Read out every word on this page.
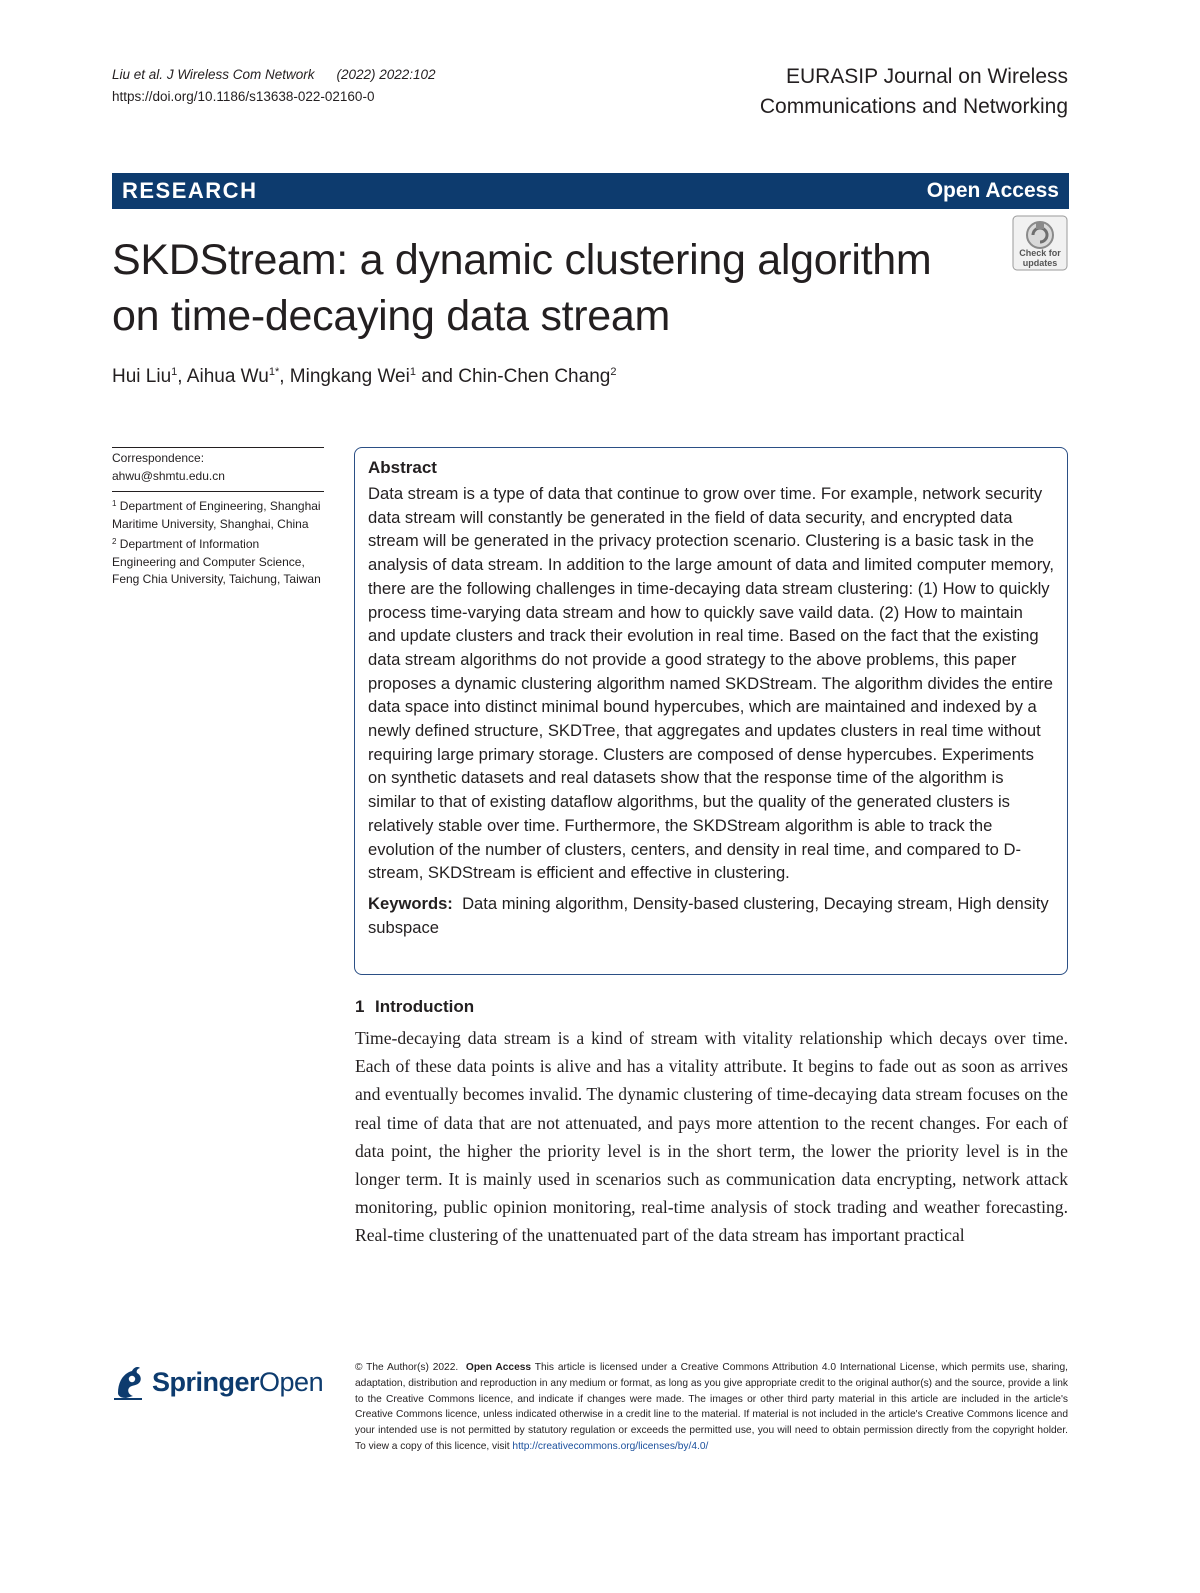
Liu et al. J Wireless Com Network (2022) 2022:102
https://doi.org/10.1186/s13638-022-02160-0
EURASIP Journal on Wireless
Communications and Networking
RESEARCH	Open Access
SKDStream: a dynamic clustering algorithm
on time-decaying data stream
Check for
updates
Hui Liu$^1$, Aihua $Wu^{1*}$, Mingkang Wei$^1$ and Chin-Chen Chang$^2$
Correspondence:
ahwu@shmtu.edu.cn
$^1$ Department of Engineering, Shanghai Maritime University, Shanghai, China
$^2$ Department of Information Engineering and Computer Science, Feng Chia University, Taichung, Taiwan
Abstract

Data stream is a type of data that continue to grow over time. For example, network security data stream will constantly be generated in the field of data security, and encrypted data stream will be generated in the privacy protection scenario. Clustering is a basic task in the analysis of data stream. In addition to the large amount of data and limited computer memory, there are the following challenges in time-decaying data stream clustering: (1) How to quickly process time-varying data stream and how to quickly save vaild data. (2) How to maintain and update clusters and track their evolution in real time. Based on the fact that the existing data stream algorithms do not provide a good strategy to the above problems, this paper proposes a dynamic clustering algorithm named SKDStream. The algorithm divides the entire data space into distinct minimal bound hypercubes, which are maintained and indexed by a newly defined structure, SKDTree, that aggregates and updates clusters in real time without requiring large primary storage. Clusters are composed of dense hypercubes. Experiments on synthetic datasets and real datasets show that the response time of the algorithm is similar to that of existing dataflow algorithms, but the quality of the generated clusters is relatively stable over time. Furthermore, the SKDStream algorithm is able to track the evolution of the number of clusters, centers, and density in real time, and compared to D-stream, SKDStream is efficient and effective in clustering.

Keywords: Data mining algorithm, Density-based clustering, Decaying stream, High density subspace

1 Introduction
Time-decaying data stream is a kind of stream with vitality relationship which decays over time. Each of these data points is alive and has a vitality attribute. It begins to fade out as soon as arrives and eventually becomes invalid. The dynamic clustering of time-decaying data stream focuses on the real time of data that are not attenuated, and pays more attention to the recent changes. For each of data point, the higher the priority level is in the short term, the lower the priority level is in the longer term. It is mainly used in scenarios such as communication data encrypting, network attack monitoring, public opinion monitoring, real-time analysis of stock trading and weather forecasting. Real-time clustering of the unattenuated part of the data stream has important practical
SpringerOpen	© The Author(s) 2022. Open Access This article is licensed under a Creative Commons Attribution 4.0 International License, which permits use, sharing, adaptation, distribution and reproduction in any medium or format, as long as you give appropriate credit to the original author(s) and the source, provide a link to the Creative Commons licence, and indicate if changes were made. The images or other third party material in this article are included in the article's Creative Commons licence, unless indicated otherwise in a credit line to the material. If material is not included in the article's Creative Commons licence and your intended use is not permitted by statutory regulation or exceeds the permitted use, you will need to obtain permission directly from the copyright holder. To view a copy of this licence, visit http://creativecommons.org/licenses/by/4.0/
